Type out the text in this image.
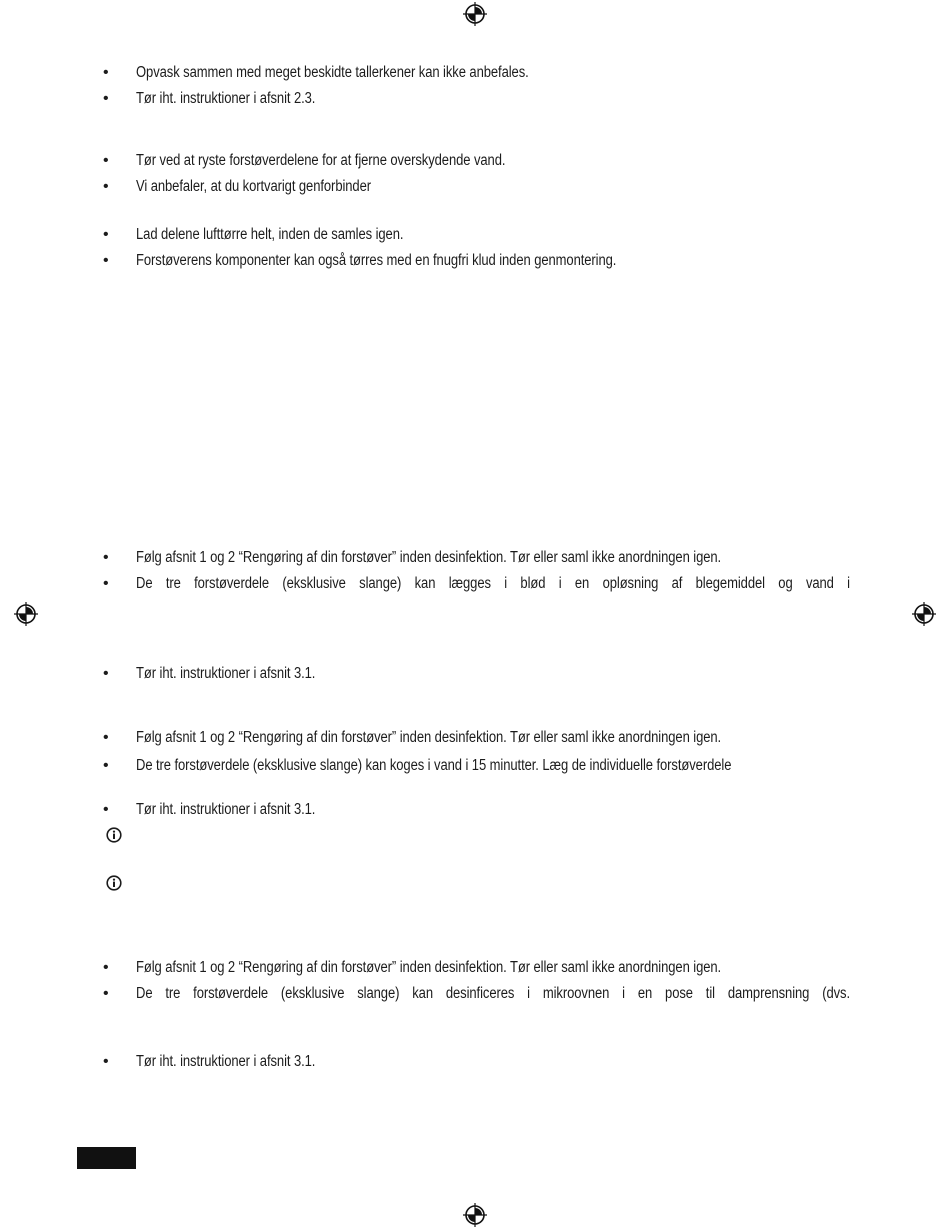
•	Opvask sammen med meget beskidte tallerkener kan ikke anbefales.
•	Tør iht. instruktioner i afsnit 2.3.
•	Tør ved at ryste forstøverdelene for at fjerne overskydende vand.
•	Vi anbefaler, at du kortvarigt genforbinder
•	Lad delene lufttørre helt, inden de samles igen.
•	Forstøverens komponenter kan også tørres med en fnugfri klud inden genmontering.
•	Følg afsnit 1 og 2 “Rengøring af din forstøver” inden desinfektion. Tør eller saml ikke anordningen igen.
•	De tre forstøverdele (eksklusive slange) kan lægges i blød i en opløsning af blegemiddel og vand i
•	Tør iht. instruktioner i afsnit 3.1.
•	Følg afsnit 1 og 2 “Rengøring af din forstøver” inden desinfektion. Tør eller saml ikke anordningen igen.
•	De tre forstøverdele (eksklusive slange) kan koges i vand i 15 minutter. Læg de individuelle forstøverdele
•	Tør iht. instruktioner i afsnit 3.1.
•	Følg afsnit 1 og 2 “Rengøring af din forstøver” inden desinfektion. Tør eller saml ikke anordningen igen.
•	De tre forstøverdele (eksklusive slange) kan desinficeres i mikroovnen i en pose til damprensning (dvs.
•	Tør iht. instruktioner i afsnit 3.1.
